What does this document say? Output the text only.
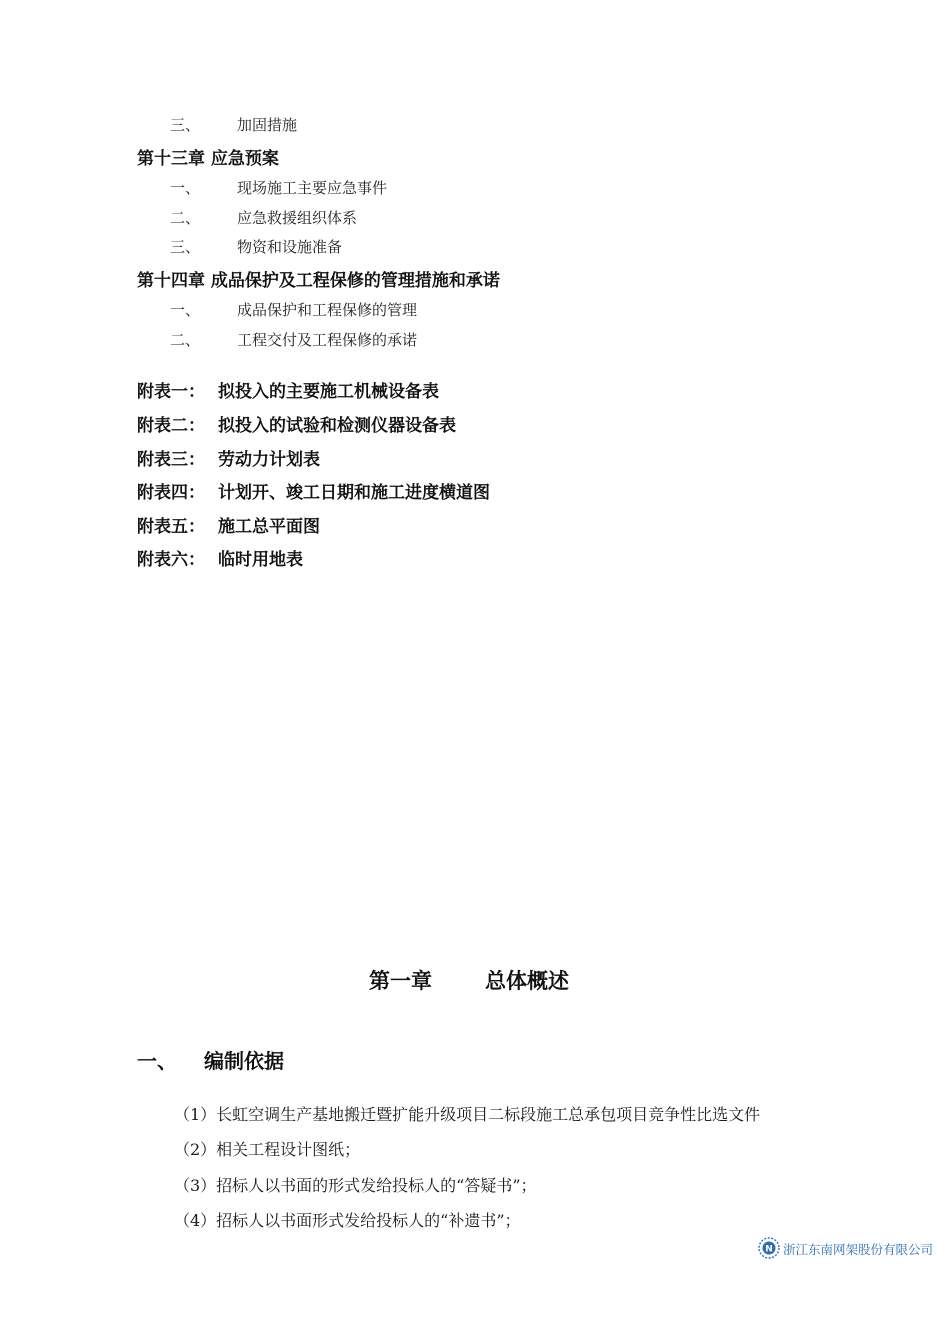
三、 加固措施
第十三章 应急预案
一、 现场施工主要应急事件
二、 应急救援组织体系
三、 物资和设施准备
第十四章 成品保护及工程保修的管理措施和承诺
一、 成品保护和工程保修的管理
二、 工程交付及工程保修的承诺
附表一： 拟投入的主要施工机械设备表
附表二： 拟投入的试验和检测仪器设备表
附表三： 劳动力计划表
附表四： 计划开、竣工日期和施工进度横道图
附表五： 施工总平面图
附表六： 临时用地表
第一章	总体概述
一、 编制依据
（1）长虹空调生产基地搬迁暨扩能升级项目二标段施工总承包项目竞争性比选文件
（2）相关工程设计图纸；
（3）招标人以书面的形式发给投标人的“答疑书”；
（4）招标人以书面形式发给投标人的“补遗书”；
N 浙江东南网架股份有限公司
